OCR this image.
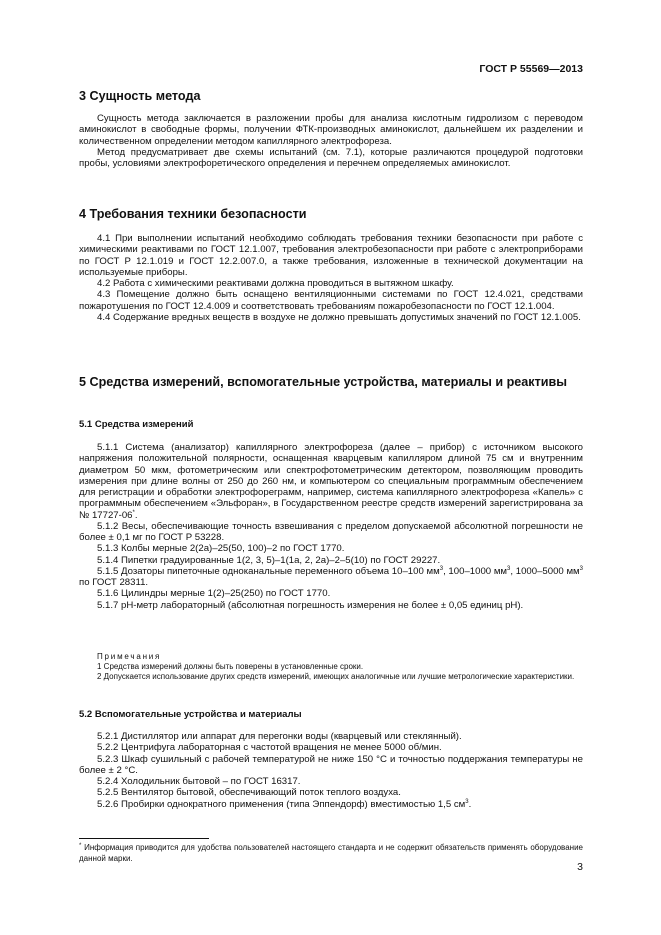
ГОСТ Р 55569—2013
3 Сущность метода

Сущность метода заключается в разложении пробы для анализа кислотным гидролизом с переводом аминокислот в свободные формы, получении ФТК-производных аминокислот, дальнейшем их разделении и количественном определении методом капиллярного электрофореза.

Метод предусматривает две схемы испытаний (см. 7.1), которые различаются процедурой подготовки пробы, условиями электрофоретического определения и перечнем определяемых аминокислот.

4 Требования техники безопасности

4.1 При выполнении испытаний необходимо соблюдать требования техники безопасности при работе с химическими реактивами по ГОСТ 12.1.007, требования электробезопасности при работе с электроприборами по ГОСТ Р 12.1.019 и ГОСТ 12.2.007.0, а также требования, изложенные в технической документации на используемые приборы.

4.2 Работа с химическими реактивами должна проводиться в вытяжном шкафу.

4.3 Помещение должно быть оснащено вентиляционными системами по ГОСТ 12.4.021, средствами пожаротушения по ГОСТ 12.4.009 и соответствовать требованиям пожаробезопасности по ГОСТ 12.1.004.

4.4 Содержание вредных веществ в воздухе не должно превышать допустимых значений по ГОСТ 12.1.005.

5 Средства измерений, вспомогательные устройства, материалы и реактивы
5.1 Средства измерений

5.1.1 Система (анализатор) капиллярного электрофореза (далее – прибор) с источником высокого напряжения положительной полярности, оснащенная кварцевым капилляром длиной 75 см и внутренним диаметром 50 мкм, фотометрическим или спектрофотометрическим детектором, позволяющим проводить измерения при длине волны от 250 до 260 нм, и компьютером со специальным программным обеспечением для регистрации и обработки электрофореграмм, например, система капиллярного электрофореза «Капель» с программным обеспечением «Эльфоран», в Государственном реестре средств измерений зарегистрирована за № 17727-06*.

5.1.2 Весы, обеспечивающие точность взвешивания с пределом допускаемой абсолютной погрешности не более ± 0,1 мг по ГОСТ Р 53228.

5.1.3 Колбы мерные 2(2а)–25(50, 100)–2 по ГОСТ 1770.

5.1.4 Пипетки градуированные 1(2, 3, 5)–1(1а, 2, 2а)–2–5(10) по ГОСТ 29227.

5.1.5 Дозаторы пипеточные одноканальные переменного объема 10–100 $мм^3$, 100–1000 $мм^3$, 1000–5000 $мм^3$ по ГОСТ 28311.

5.1.6 Цилиндры мерные 1(2)–25(250) по ГОСТ 1770.

5.1.7 pH-метр лабораторный (абсолютная погрешность измерения не более ± 0,05 единиц pH).

Примечания

1 Средства измерений должны быть поверены в установленные сроки.

2 Допускается использование других средств измерений, имеющих аналогичные или лучшие метрологические характеристики.

5.2 Вспомогательные устройства и материалы

5.2.1 Дистиллятор или аппарат для перегонки воды (кварцевый или стеклянный).

5.2.2 Центрифуга лабораторная с частотой вращения не менее 5000 об/мин.

5.2.3 Шкаф сушильный с рабочей температурой не ниже 150 °С и точностью поддержания температуры не более ± 2 °С.

5.2.4 Холодильник бытовой – по ГОСТ 16317.

5.2.5 Вентилятор бытовой, обеспечивающий поток теплого воздуха.

5.2.6 Пробирки однократного применения (типа Эппендорф) вместимостью 1,5 $см^3$.

* Информация приводится для удобства пользователей настоящего стандарта и не содержит обязательств применять оборудование данной марки.
3
